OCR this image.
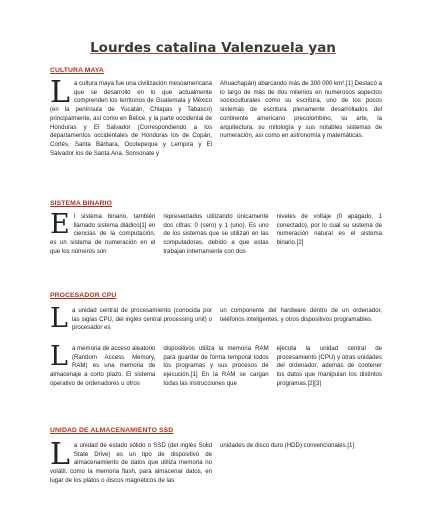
Lourdes catalina Valenzuela yan
CULTURA MAYA
La cultura maya fue una civilización mesoamericana que se desarrolló en lo que actualmente comprenden los territorios de Guatemala y México (en la península de Yucatán, Chiapas y Tabasco) principalmente, así como en Belice, y la parte occidental de Honduras y El Salvador (Correspondiendo a los departamentos occidentales de Honduras los de Copán, Cortés, Santa Bárbara, Ocotepeque y Lempira y El Salvador los de Santa Ana, Sonsonate y
Ahuachapán) abarcando más de 300 000 km².[1] Destacó a lo largo de más de dos milenios en numerosos aspectos socioculturales como su escritura, uno de los pocos sistemas de escritura plenamente desarrollados del continente americano precolombino, su arte, la arquitectura, su mitología y sus notables sistemas de numeración, así como en astronomía y matemáticas.
SISTEMA BINARIO
El sistema binario, también llamado sistema diádico[1] en ciencias de la computación, es un sistema de numeración en el que los números son
representados utilizando únicamente dos cifras: 0 (cero) y 1 (uno). Es uno de los sistemas que se utilizan en las computadoras, debido a que estas trabajan internamente con dos
niveles de voltaje (0 apagado, 1 conectado), por lo cual su sistema de numeración natural es el sistema binario.[2]
PROCESADOR CPU
La unidad central de procesamiento (conocida por las siglas CPU, del inglés central processing unit) o procesador es
un componente del hardware dentro de un ordenador, teléfonos inteligentes, y otros dispositivos programables.
La memoria de acceso aleatorio (Random Access Memory, RAM) es una memoria de almacenaje a corto plazo. El sistema operativo de ordenadores u otros
dispositivos utiliza la memoria RAM para guardar de forma temporal todos los programas y sus procesos de ejecución.[1] En la RAM se cargan todas las instrucciones que
ejecuta la unidad central de procesamiento (CPU) y otras unidades del ordenador, además de contener los datos que manipulan los distintos programas.[2][3]
UNIDAD DE ALMACENAMIENTO SSD
La unidad de estado sólido o SSD (del inglés Solid State Drive) es un tipo de dispositivo de almacenamiento de datos que utiliza memoria no volátil, como la memoria flash, para almacenar datos, en lugar de los platos o discos magnéticos de las
unidades de disco duro (HDD) convencionales.[1]
